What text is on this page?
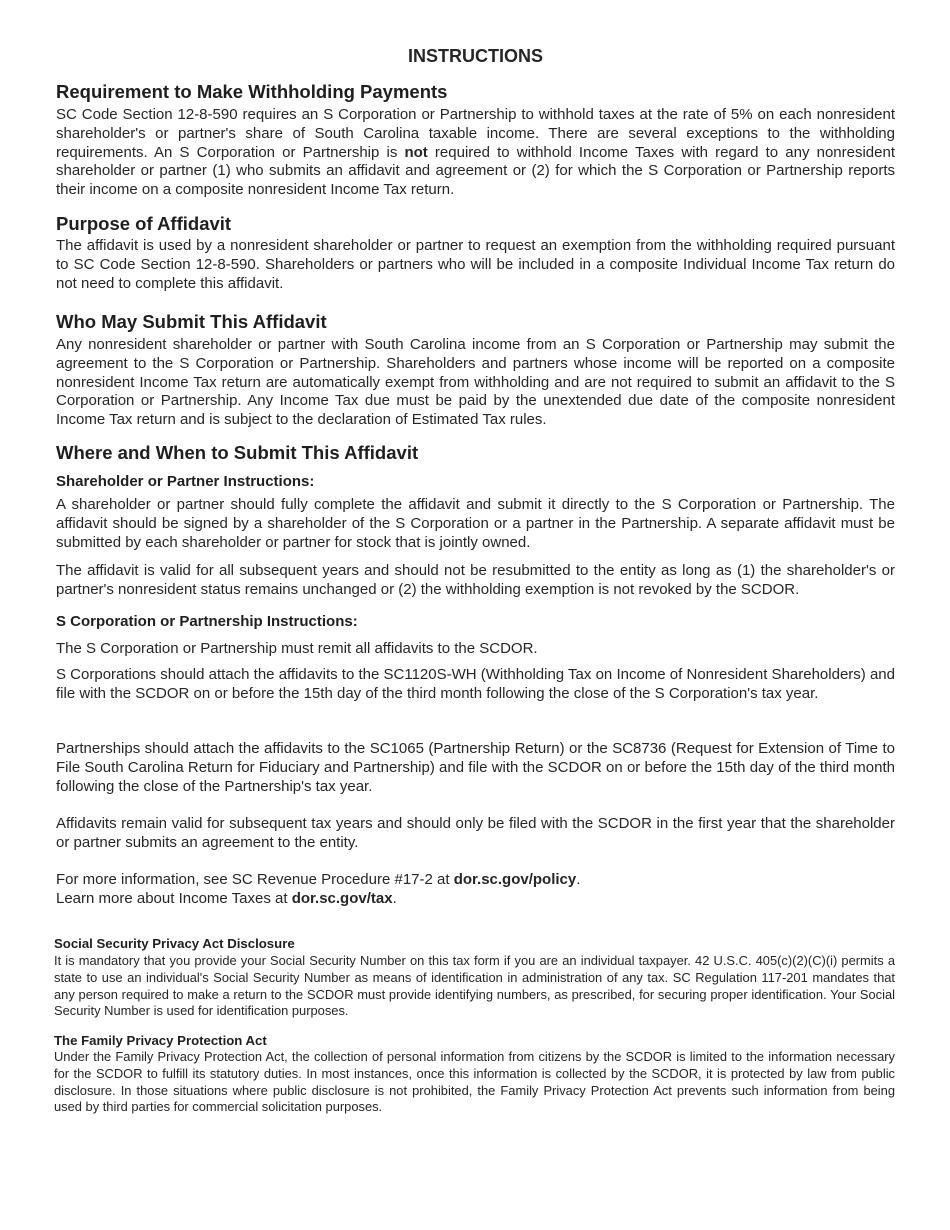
INSTRUCTIONS
Requirement to Make Withholding Payments

SC Code Section 12-8-590 requires an S Corporation or Partnership to withhold taxes at the rate of 5% on each nonresident shareholder's or partner's share of South Carolina taxable income. There are several exceptions to the withholding requirements. An S Corporation or Partnership is not required to withhold Income Taxes with regard to any nonresident shareholder or partner (1) who submits an affidavit and agreement or (2) for which the S Corporation or Partnership reports their income on a composite nonresident Income Tax return.

Purpose of Affidavit

The affidavit is used by a nonresident shareholder or partner to request an exemption from the withholding required pursuant to SC Code Section 12-8-590. Shareholders or partners who will be included in a composite Individual Income Tax return do not need to complete this affidavit.

Who May Submit This Affidavit

Any nonresident shareholder or partner with South Carolina income from an S Corporation or Partnership may submit the agreement to the S Corporation or Partnership. Shareholders and partners whose income will be reported on a composite nonresident Income Tax return are automatically exempt from withholding and are not required to submit an affidavit to the S Corporation or Partnership. Any Income Tax due must be paid by the unextended due date of the composite nonresident Income Tax return and is subject to the declaration of Estimated Tax rules.

Where and When to Submit This Affidavit
Shareholder or Partner Instructions:

A shareholder or partner should fully complete the affidavit and submit it directly to the S Corporation or Partnership. The affidavit should be signed by a shareholder of the S Corporation or a partner in the Partnership. A separate affidavit must be submitted by each shareholder or partner for stock that is jointly owned.

The affidavit is valid for all subsequent years and should not be resubmitted to the entity as long as (1) the shareholder's or partner's nonresident status remains unchanged or (2) the withholding exemption is not revoked by the SCDOR.

S Corporation or Partnership Instructions:

The S Corporation or Partnership must remit all affidavits to the SCDOR.

S Corporations should attach the affidavits to the SC1120S-WH (Withholding Tax on Income of Nonresident Shareholders) and file with the SCDOR on or before the 15th day of the third month following the close of the S Corporation's tax year.

Partnerships should attach the affidavits to the SC1065 (Partnership Return) or the SC8736 (Request for Extension of Time to File South Carolina Return for Fiduciary and Partnership) and file with the SCDOR on or before the 15th day of the third month following the close of the Partnership's tax year.

Affidavits remain valid for subsequent tax years and should only be filed with the SCDOR in the first year that the shareholder or partner submits an agreement to the entity.

For more information, see SC Revenue Procedure #17-2 at dor.sc.gov/policy.

Learn more about Income Taxes at dor.sc.gov/tax.

Social Security Privacy Act Disclosure

It is mandatory that you provide your Social Security Number on this tax form if you are an individual taxpayer. 42 U.S.C. 405(c)(2)(C)(i) permits a state to use an individual's Social Security Number as means of identification in administration of any tax. SC Regulation 117-201 mandates that any person required to make a return to the SCDOR must provide identifying numbers, as prescribed, for securing proper identification. Your Social Security Number is used for identification purposes.

The Family Privacy Protection Act

Under the Family Privacy Protection Act, the collection of personal information from citizens by the SCDOR is limited to the information necessary for the SCDOR to fulfill its statutory duties. In most instances, once this information is collected by the SCDOR, it is protected by law from public disclosure. In those situations where public disclosure is not prohibited, the Family Privacy Protection Act prevents such information from being used by third parties for commercial solicitation purposes.
